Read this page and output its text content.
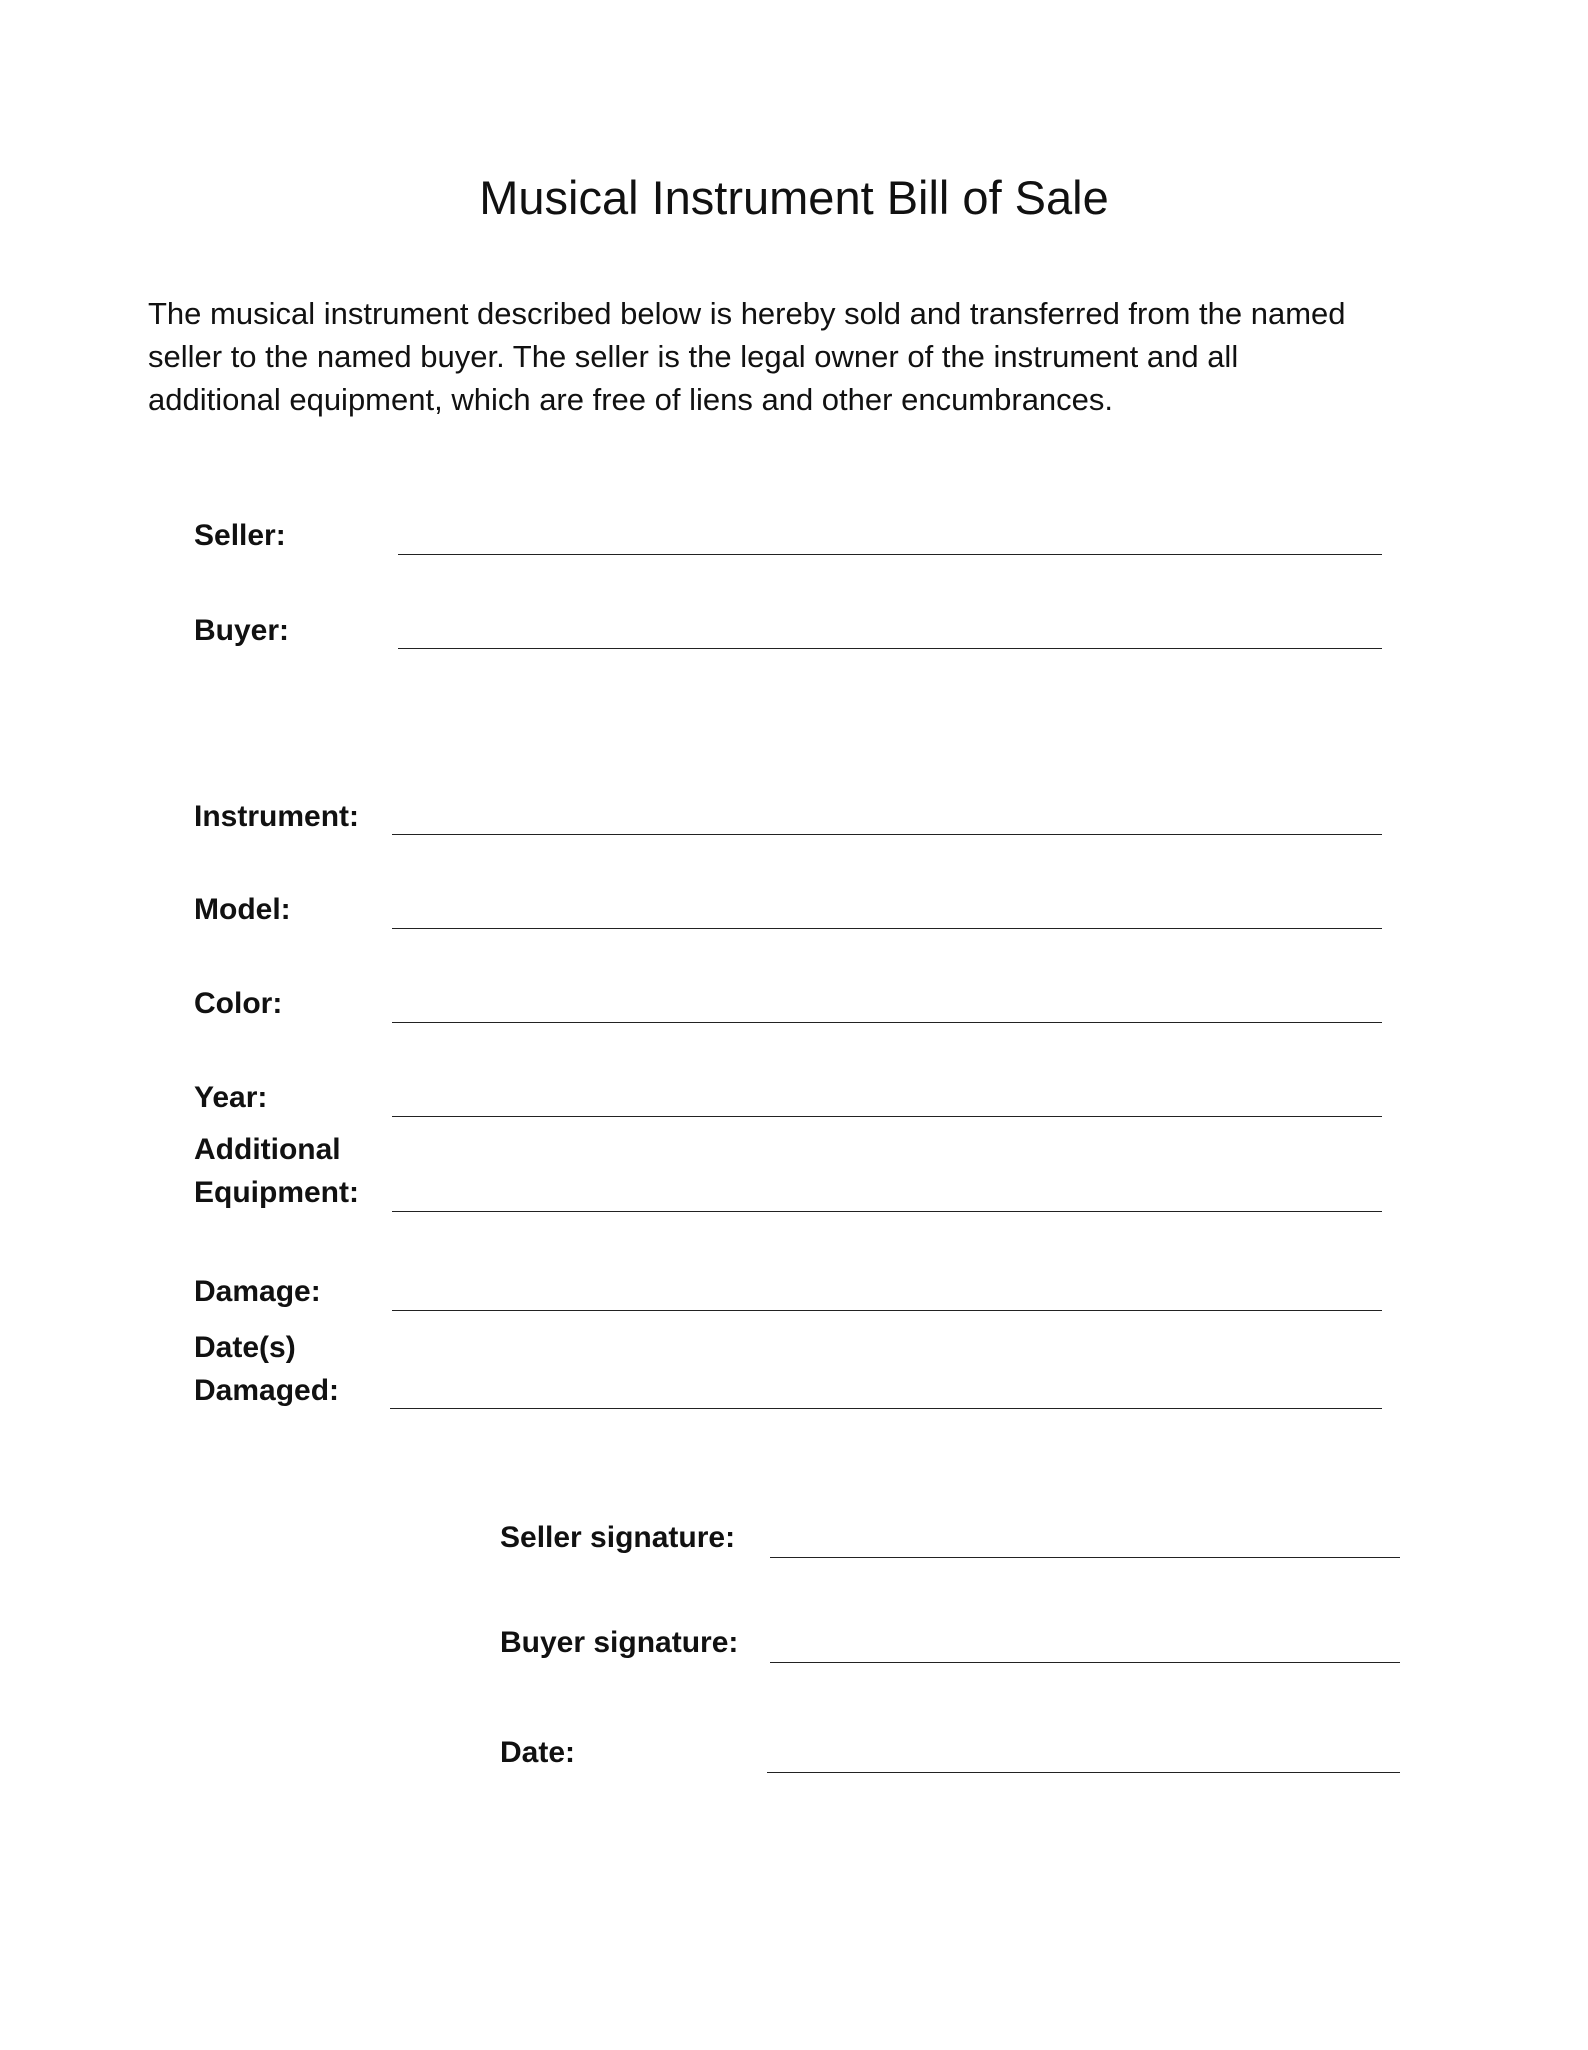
Musical Instrument Bill of Sale
The musical instrument described below is hereby sold and transferred from the named
seller to the named buyer. The seller is the legal owner of the instrument and all
additional equipment, which are free of liens and other encumbrances.
Seller:
Buyer:
Instrument:
Model:
Color:
Year:
Additional
Equipment:
Damage:
Date(s)
Damaged:
Seller signature:
Buyer signature:
Date:
